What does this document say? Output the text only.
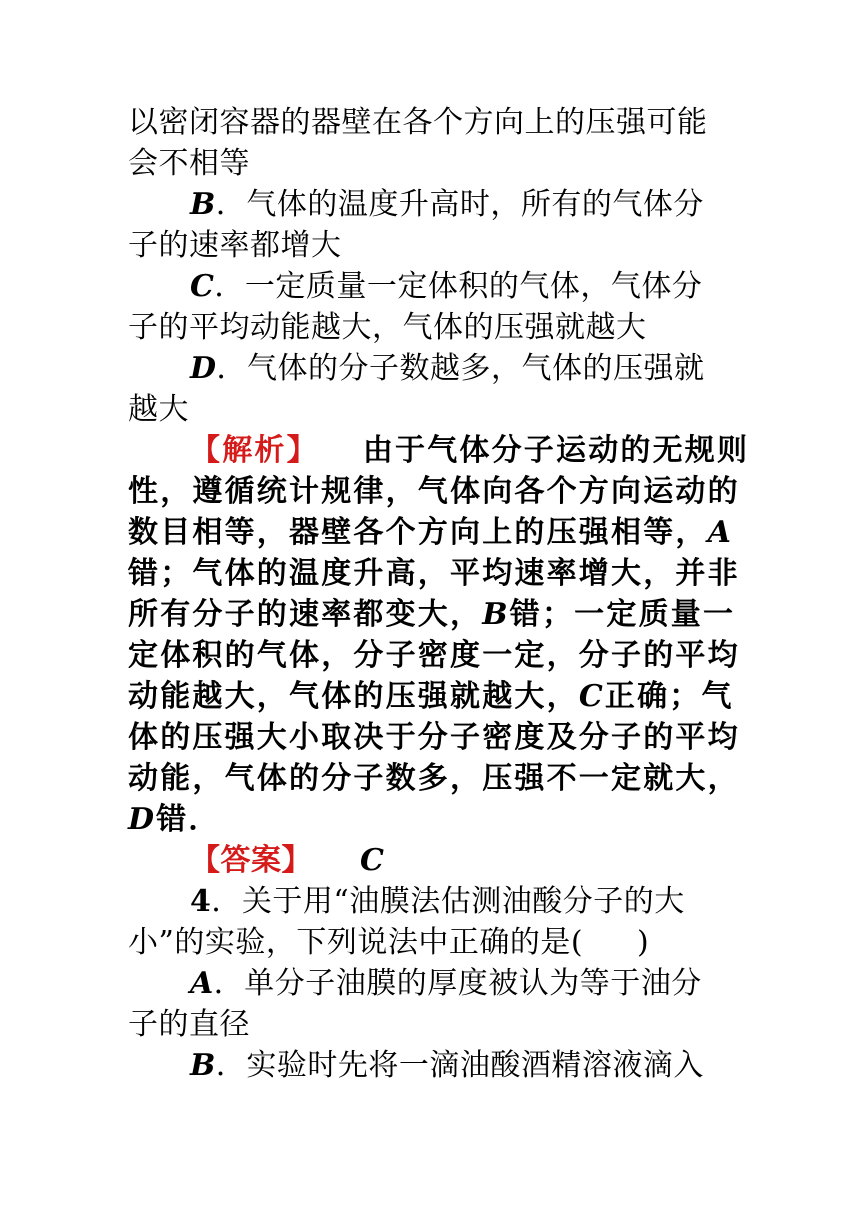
以密闭容器的器壁在各个方向上的压强可能
会不相等
B．气体的温度升高时，所有的气体分
子的速率都增大
C．一定质量一定体积的气体，气体分
子的平均动能越大，气体的压强就越大
D．气体的分子数越多，气体的压强就
越大
【解析】 由于气体分子运动的无规则
性，遵循统计规律，气体向各个方向运动的
数目相等，器壁各个方向上的压强相等，A
错；气体的温度升高，平均速率增大，并非
所有分子的速率都变大，B错；一定质量一
定体积的气体，分子密度一定，分子的平均
动能越大，气体的压强就越大，C正确；气
体的压强大小取决于分子密度及分子的平均
动能，气体的分子数多，压强不一定就大，
D错．
【答案】 C
4．关于用“油膜法估测油酸分子的大
小”的实验，下列说法中正确的是( )
A．单分子油膜的厚度被认为等于油分
子的直径
B．实验时先将一滴油酸酒精溶液滴入
